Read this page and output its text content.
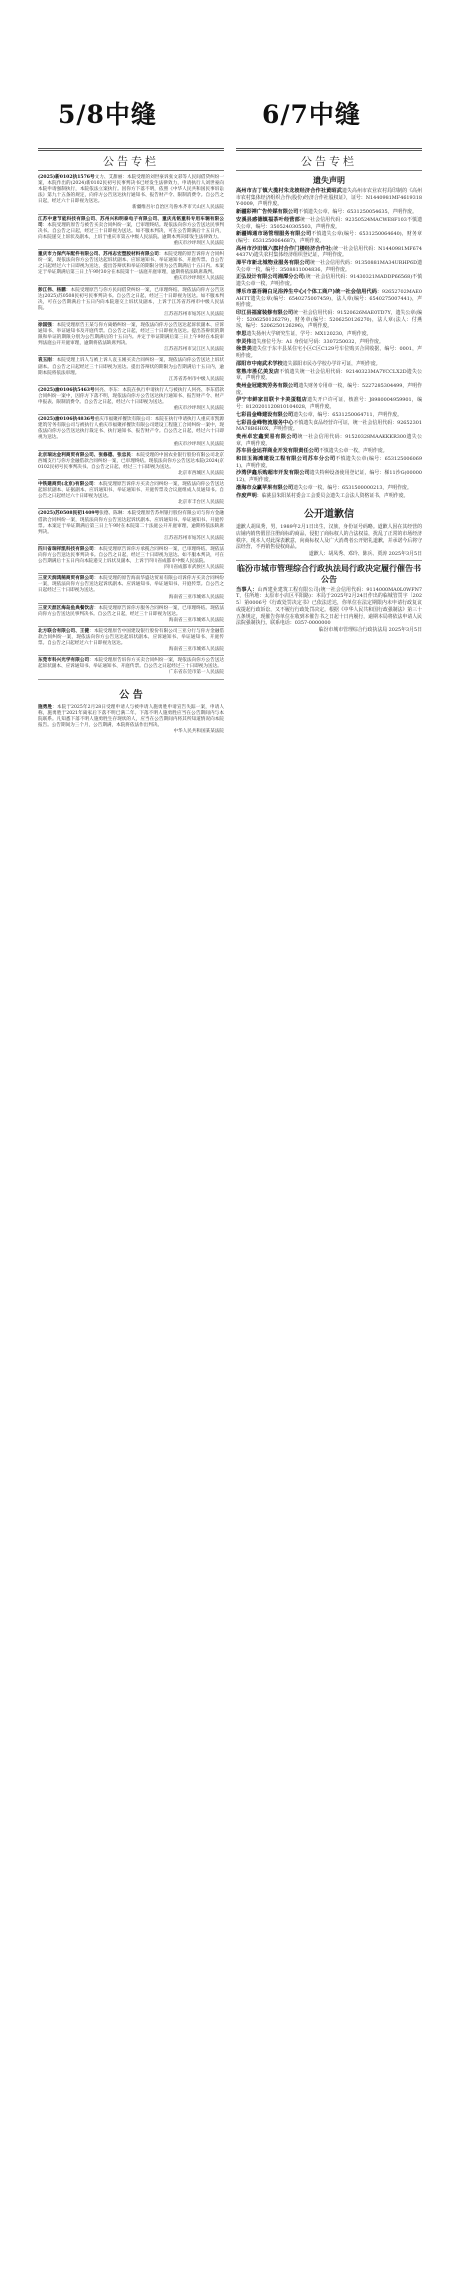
5/8中缝	6/7中缝
公告专栏
(2025)新0102执1576号文力、艾甜丽：本院受理的刘世豪诉张文彩等人民间借贷纠纷一案，本院作出的(2024)新0102民初号民事判决书已经发生法律效力，申请执行人刘世豪向本院申请强制执行，本院依法立案执行。因你方下落不明，依照《中华人民共和国民事诉讼法》第九十五条的规定，向你方公告送达执行通知书、报告财产令、限制消费令。自公告之日起，经过六十日即视为送达。
新疆维吾尔自治区乌鲁木齐市天山区人民法院
江苏中意节能科技有限公司、苏州兴和明泰电子有限公司、重庆兆铭重科专用车辆有限公司：本院受理的原告与被告买卖合同纠纷一案，已审理终结。现依法向你方公告送达民事判决书。自公告之日起，经过三十日即视为送达。如不服本判决，可在公告期满后十五日内，向本院递交上诉状及副本，上诉于重庆市第五中级人民法院。逾期本判决即发生法律效力。
重庆市沙坪坝区人民法院
重庆市力保汽车配件有限公司、苏州志宏塑胶材料有限公司：本院受理的原告诉你方合同纠纷一案，现依法向你方公告送达起诉状副本、应诉通知书、举证通知书、开庭传票。自公告之日起经过六十日即视为送达，提出答辩状和举证的期限分别为公告期满后十五日内。本案定于举证期满后第三日上午9时30分在本院第十一法庭开庭审理，逾期将依法缺席裁判。
重庆市沙坪坝区人民法院
彭江伟、杨鹏：本院受理原告与你方民间借贷纠纷一案，已审理终结。现依法向你方公告送达(2025)苏0508民初号民事判决书。自公告之日起，经过三十日即视为送达。如不服本判决，可在公告期满后十五日内向本院递交上诉状及副本，上诉于江苏省苏州市中级人民法院。
江苏省苏州市姑苏区人民法院
徐国强：本院受理原告王某与你方离婚纠纷一案，现依法向你方公告送达起诉状副本、应诉通知书、举证通知书及开庭传票。自公告之日起，经过三十日即视为送达。提出答辩状的期限和举证的期限分别为公告期满后的十五日内。并定于举证期满后第三日上午9时在本院审判法庭公开开庭审理，逾期将依法缺席判决。
江苏省苏州市吴江区人民法院
袁玉刚：本院受理上诉人与被上诉人袁玉刚买卖合同纠纷一案，现依法向你公告送达上诉状副本。自公告之日起经过三十日即视为送达。提出答辩状的期限为公告期满后十五日内，逾期本院将依法审理。
江苏省苏州市中级人民法院
(2025)渝0106执5463号何亮、李东：本院在执行申请执行人与被执行人何亮、李东借款合同纠纷一案中，因你方下落不明，现依法向你方公告送达执行通知书、报告财产令、财产申报表、限制消费令。自公告之日起，经过六十日即视为送达。
重庆市沙坪坝区人民法院
(2025)渝0106执4836号重庆市福聚祥餐饮有限公司：本院在执行申请执行人重庆市凯源建筑劳务有限公司与被执行人重庆市福聚祥餐饮有限公司建设工程施工合同纠纷一案中，现依法向你方公告送达执行裁定书、执行通知书、报告财产令。自公告之日起，经过六十日即视为送达。
重庆市沙坪坝区人民法院
北京瑞达金利商贸有限公司、张修德、张忠民：本院受理的中国农业银行股份有限公司北京西城支行与你方金融借款合同纠纷一案，已审理终结。现依法向你方公告送达本院(2024)京0102民初号民事判决书。自公告之日起，经过三十日即视为送达。
北京市西城区人民法院
中铁建商贸(北京)有限公司：本院受理原告诉你方买卖合同纠纷一案，现依法向你公告送达起诉状副本、证据副本、应诉通知书、举证通知书、开庭传票及合议庭组成人员通知书。自公告之日起经过六十日即视为送达。
北京市丰台区人民法院
(2025)苏0508民初1409号张德、陈琳：本院受理原告苏州银行股份有限公司与你方金融借款合同纠纷一案，现依法向你方公告送达起诉状副本、应诉通知书、举证通知书、开庭传票。本案定于举证期满后第三日上午9时在本院第二十法庭公开开庭审理，逾期将依法缺席判决。
江苏省苏州市姑苏区人民法院
四川省瑞祥凯科技有限公司：本院受理原告诉你方承揽合同纠纷一案，已审理终结。现依法向你方公告送达民事判决书。自公告之日起，经过三十日即视为送达。如不服本判决，可在公告期满后十五日内向本院递交上诉状及副本，上诉于四川省成都市中级人民法院。
四川省成都市武侯区人民法院
三亚天润鸿鹄商贸有限公司：本院受理的原告海南华盛达贸易有限公司诉你方买卖合同纠纷一案，现依法向你方公告送达起诉状副本、应诉通知书、举证通知书、开庭传票。自公告之日起经过三十日即视为送达。
海南省三亚市城郊人民法院
三亚天涯区海岛鱼典餐饮店：本院受理原告诉你方服务合同纠纷一案，已审理终结。现依法向你方公告送达民事判决书。自公告之日起，经过三十日即视为送达。
海南省三亚市城郊人民法院
北方联合有限公司、王健：本院受理原告中国建设银行股份有限公司三亚分行与你方金融借款合同纠纷一案，现依法向你方公告送达起诉状副本、应诉通知书、举证通知书、开庭传票。自公告之日起经过六十日即视为送达。
海南省三亚市城郊人民法院
东莞市科兴光学有限公司：本院受理原告诉你方买卖合同纠纷一案，现依法向你方公告送达起诉状副本、应诉通知书、举证通知书、开庭传票。自公告之日起经过三十日即视为送达。
广东省东莞市第一人民法院
公 告
施勇胜：本院于2025年2月28日受理申请人与被申请人施勇胜申请宣告失踪一案，申请人称，施勇胜于2021年离家后下落不明已满二年。下落不明人施勇胜应当在公告期间内与本院联系。凡知悉下落不明人施勇胜生存现状的人，应当在公告期间内将其所知道情况向本院报告。公告期间为三个月，公告期满，本院将依法作出判决。
中华人民共和国某某法院
公告专栏
遗失声明
高州市古丁镇大揽村朱龙坡经济合作社黄昭武遗失高州市农业农村局印制的《高州市农村集体经济组织合作(股份)经济合作社股权证》，证号：N1440981MF4619318Y-0009，声明作废。
新疆彩禅广告传媒有限公司不慎遗失公章，编号：6531250054635，声明作废。
安溪县感德镇福茶叶经营部统一社会信用代码：92350524MACWE8F103不慎遗失公章，编号：3505240305503，声明作废。
新疆锦通市场管理服务有限公司不慎遗失公章(编号：6531250064640)，财务章(编号：6531250064687)，声明作废。
高州市沙田镇六旗村合作门楼经济合作社(统一社会信用代码：N1440981MF6744437V)遗失农村集体经济组织登记证，声明作废。
漳平市新北城物业服务有限公司统一社会信用代码：91350881MA34URHP6D遗失公章一枚，编号：3508811004836，声明作废。
正弘设计有限公司湘潭分公司(统一社会信用代码：91430321MADDP66568)不慎遗失公章一枚，声明作废。
博乐市嘉吾翱白足浴养生中心(个体工商户)统一社会信用代码：92652702MAE0AHTT遗失公章(编号：6540275007459)，法人章(编号：6540275007441)，声明作废。
印江县福富装修有限公司统一社会信用代码：91520626MAE0TD7Y，遗失公章(编号：5206250126279)，财务章(编号：5206250126270)，法人章(法人：付燕琼，编号：5206250126296)，声明作废。
李思遗失扬州大学研究生证，学号：MX120230，声明作废。
李灵伟遗失座位号为：A1 身份证号码：3307250032，声明作废。
徐景美遗失位于东丰县某住宅小区C区C129号车位购买合同收据，编号：0001，声明作废。
邵阳市中南武术学校遗失邵阳市民办学校办学许可证，声明作废。
常熟市胜亿美发店不慎遗失统一社会信用代码：92140323MA7YCCLX2D遗失公章，声明作废。
贵州金冠建筑劳务有限公司遗失财务专用章一枚，编号：5227285304499，声明作废。
伊宁市鲜家田联卡卡美蛋糕店遗失开户许可证，核准号：J8980004959901，编号：8120201120810104028，声明作废。
七彩昌金峰建设有限公司遗失公章，编号：6531250064711，声明作废。
七彩昌金峰物流服务中心不慎遗失食品经营许可证，统一社会信用代码：92652301MA78B6H0X，声明作废。
贵州卓宏鑫贸易有限公司统一社会信用代码：91520328MAAKKKR300遗失公章，声明作废。
苏车县金运祥商业开发有限责任公司不慎遗失公章一枚，声明作废。
和田玉海滩建设工程有限公司苏车分公司不慎遗失公章(编号：6531250060691)，声明作废。
沙湾伊鑫乐购超市开发有限公司遗失特种设备使用登记证，编号：梯11沙G(0000012)，声明作废。
渤海市众赢苹果有限公司遗失公章一枚，编号：6531500000213，声明作废。
作废声明：临洮县朱阳某村委会工会委员会遗失工会法人资格证书，声明作废。
公开道歉信
道歉人胡凤秀，男，1989年2月1日出生，汉族，身份证号码略。道歉人因在其经营的店铺内销售假冒注册商标的商品，侵犯了商标权人的合法权益，扰乱了正常的市场经济秩序。现本人对此深表歉意，向商标权人及广大消费者公开赔礼道歉，并承诺今后将守法经营，不再销售侵权商品。
道歉人：胡凤秀、邓玲、陈兵、贾涛 2025年3月5日
临汾市城市管理综合行政执法局行政决定履行催告书公告
当事人：山西建业建筑工程有限公司(统一社会信用代码：9114000MA0L0WFN7T，住所地：太原市小店区平阳路)：本局于2025年2月24日作出的临城管罚字〔2025〕第0006号《行政处罚决定书》已依法送达，你单位在法定期限内未申请行政复议或提起行政诉讼，又不履行行政处罚决定。根据《中华人民共和国行政强制法》第三十五条规定，现催告你单位在收到本催告书之日起十日内履行，逾期本局将依法申请人民法院强制执行。联系电话：0357-0000000
临汾市城市管理综合行政执法局 2025年3月5日
